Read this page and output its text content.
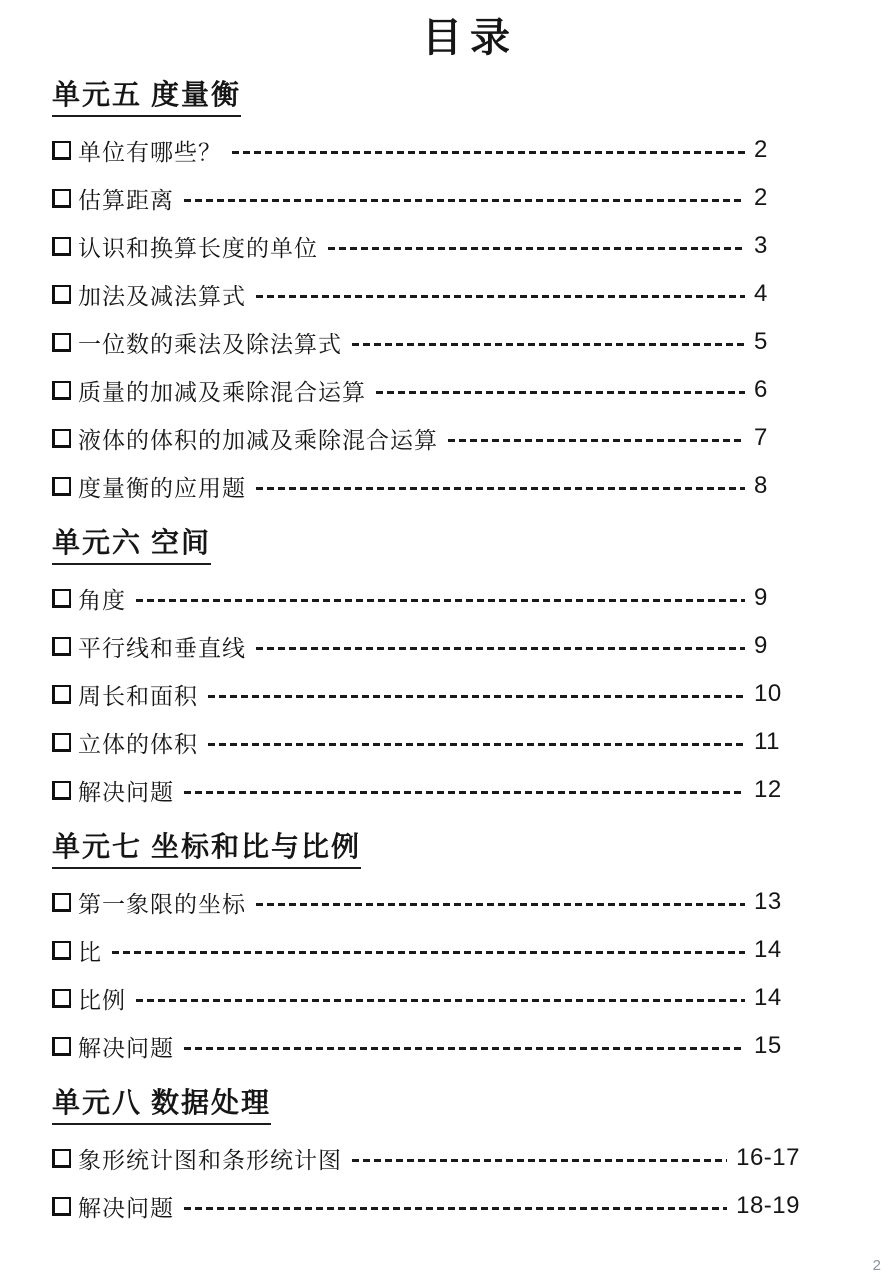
目录
单元五 度量衡
单位有哪些？	2
估算距离	2
认识和换算长度的单位	3
加法及减法算式	4
一位数的乘法及除法算式	5
质量的加减及乘除混合运算	6
液体的体积的加减及乘除混合运算	7
度量衡的应用题	8
单元六 空间
角度	9
平行线和垂直线	9
周长和面积	10
立体的体积	11
解决问题	12
单元七 坐标和比与比例
第一象限的坐标	13
比	14
比例	14
解决问题	15
单元八 数据处理
象形统计图和条形统计图	16-17
解决问题	18-19
2
